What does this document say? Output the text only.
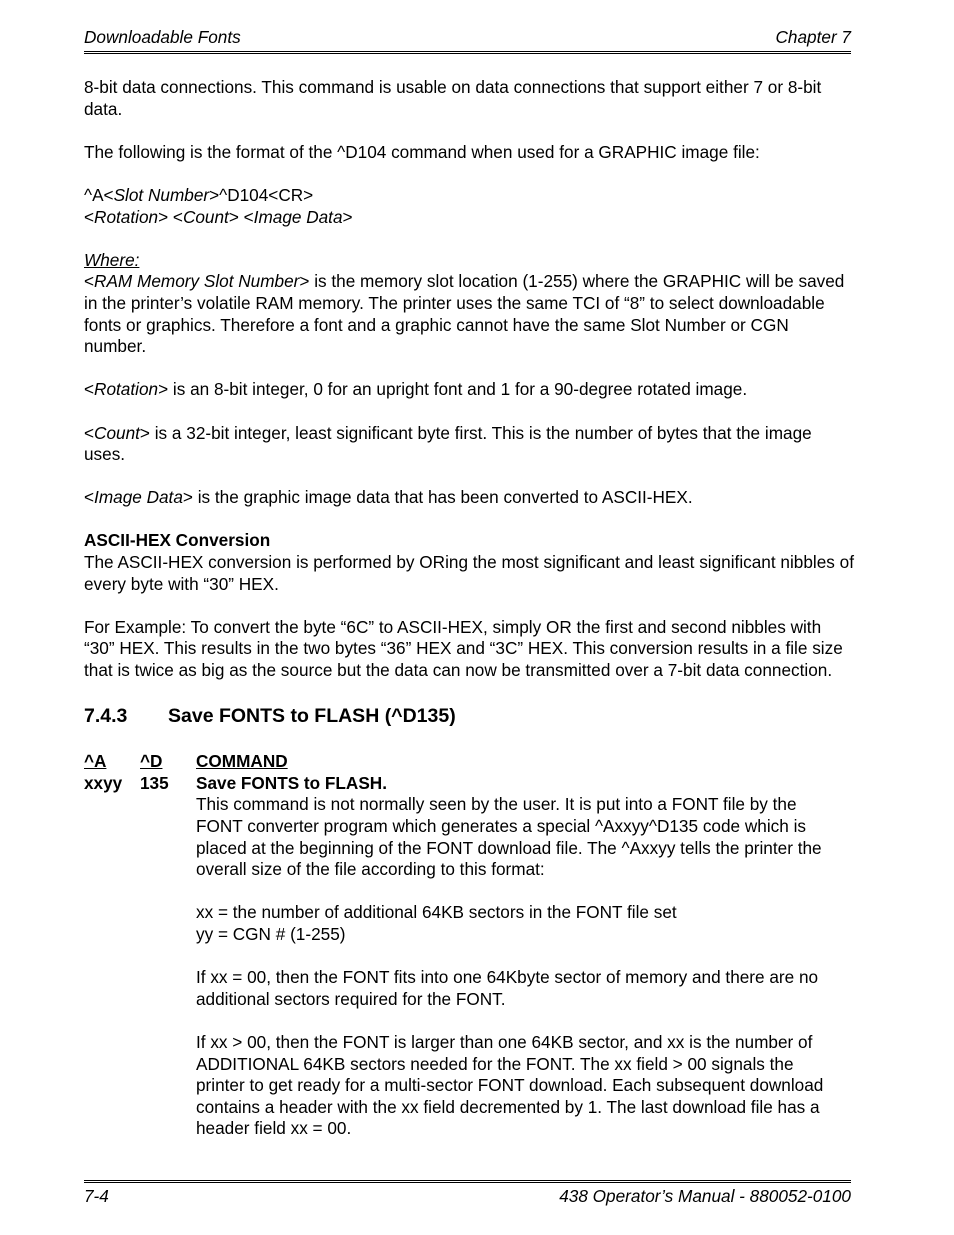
Downloadable Fonts	Chapter 7

8-bit data connections. This command is usable on data connections that support either 7 or 8-bit data.

The following is the format of the ^D104 command when used for a GRAPHIC image file:

^A<Slot Number>^D104<CR>
<Rotation> <Count> <Image Data>

Where:

<RAM Memory Slot Number> is the memory slot location (1-255) where the GRAPHIC will be saved in the printer’s volatile RAM memory. The printer uses the same TCI of “8” to select downloadable fonts or graphics. Therefore a font and a graphic cannot have the same Slot Number or CGN number.

<Rotation> is an 8-bit integer, 0 for an upright font and 1 for a 90-degree rotated image.

<Count> is a 32-bit integer, least significant byte first. This is the number of bytes that the image uses.

<Image Data> is the graphic image data that has been converted to ASCII-HEX.

ASCII-HEX Conversion

The ASCII-HEX conversion is performed by ORing the most significant and least significant nibbles of every byte with “30” HEX.

For Example: To convert the byte “6C” to ASCII-HEX, simply OR the first and second nibbles with “30” HEX. This results in the two bytes “36” HEX and “3C” HEX. This conversion results in a file size that is twice as big as the source but the data can now be transmitted over a 7-bit data connection.

7.4.3 Save FONTS to FLASH (^D135)
^A	^D	COMMAND
xxyy	135	Save FONTS to FLASH.

This command is not normally seen by the user. It is put into a FONT file by the FONT converter program which generates a special ^Axxyy^D135 code which is placed at the beginning of the FONT download file. The ^Axxyy tells the printer the overall size of the file according to this format:

xx = the number of additional 64KB sectors in the FONT file set
yy = CGN # (1-255)

If xx = 00, then the FONT fits into one 64Kbyte sector of memory and there are no additional sectors required for the FONT.

If xx > 00, then the FONT is larger than one 64KB sector, and xx is the number of ADDITIONAL 64KB sectors needed for the FONT. The xx field > 00 signals the printer to get ready for a multi-sector FONT download. Each subsequent download contains a header with the xx field decremented by 1. The last download file has a header field xx = 00.

7-4	438 Operator’s Manual - 880052-0100
